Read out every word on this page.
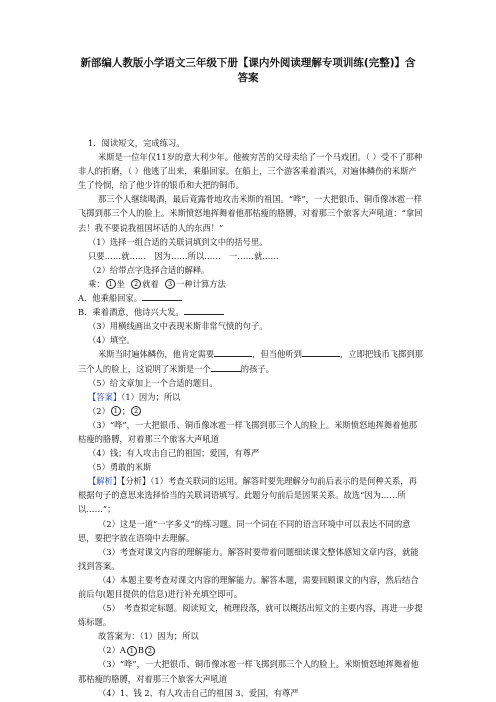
新部编人教版小学语文三年级下册【课内外阅读理解专项训练(完整)】含
答案

1．阅读短文，完成练习。

米斯是一位年仅11岁的意大利少年。他被穷苦的父母卖给了一个马戏团。（ ）受不了那种非人的折磨，（ ）他逃了出来，乘船回家。在船上，三个游客乘着酒兴，对遍体鳞伤的米斯产生了怜悯，给了他少许的银币和大把的铜币。

那三个人继续喝酒，最后竟露骨地攻击米斯的祖国。“哗”，一大把银币、铜币像冰雹一样飞掷到那三个人的脸上。米斯愤怒地挥舞着他那枯瘦的胳膊，对着那三个旅客大声吼道：“拿回去！我不要说我祖国坏话的人的东西！”

（1）选择一组合适的关联词填到文中的括号里。

只要……就……　因为……所以……　一……就……

（2）给带点字选择合适的解释。

乘： 1 坐 2 就着 3 一种计算方法

A．他乘船回家。

B．乘着酒意，他诗兴大发。

（3）用横线画出文中表现米斯非常气愤的句子。

（4）填空。

米斯当时遍体鳞伤，他肯定需要	，但当他听到	，立即把钱币飞掷到那三个人的脸上，这说明了米斯是一个	的孩子。

（5）给文章加上一个合适的题目。

【答案】（1）因为；所以

（2） 1 ； 2

（3）“哗”，一大把银币、铜币像冰雹一样飞掷到那三个人的脸上。米斯愤怒地挥舞着他那枯瘦的胳膊，对着那三个旅客大声吼道

（4）钱；有人攻击自己的祖国；爱国，有尊严

（5）勇敢的米斯

【解析】【分析】（1）考查关联词的运用。解答时要先理解分句前后表示的是何种关系，再根据句子的意思来选择恰当的关联词语填写。此题分句前后是因果关系。故选“因为……所以……”；

（2）这是一道“一字多义”的练习题。同一个词在不同的语言环境中可以表达不同的意思，要把字放在语境中去理解。

（3）考查对课文内容的理解能力。解答时要带着问题细读课文整体感知文章内容，就能找到答案。

（4）本题主要考查对课文内容的理解能力。解答本题，需要回顾课文的内容，然后结合前后句(题目提供的信息)进行补充填空即可。

（5）　考查拟定标题。阅读短文，梳理段落，就可以概括出短文的主要内容，再进一步提炼标题。

故答案为：（1）因为；所以

（2）A 1 B 2

（3）“哗”，一大把银币、铜币像冰雹一样飞掷到那三个人的脸上。米斯愤怒地挥舞着他那枯瘦的胳膊，对着那三个旅客大声吼道

（4）1、钱 2、有人攻击自己的祖国 3、爱国，有尊严
